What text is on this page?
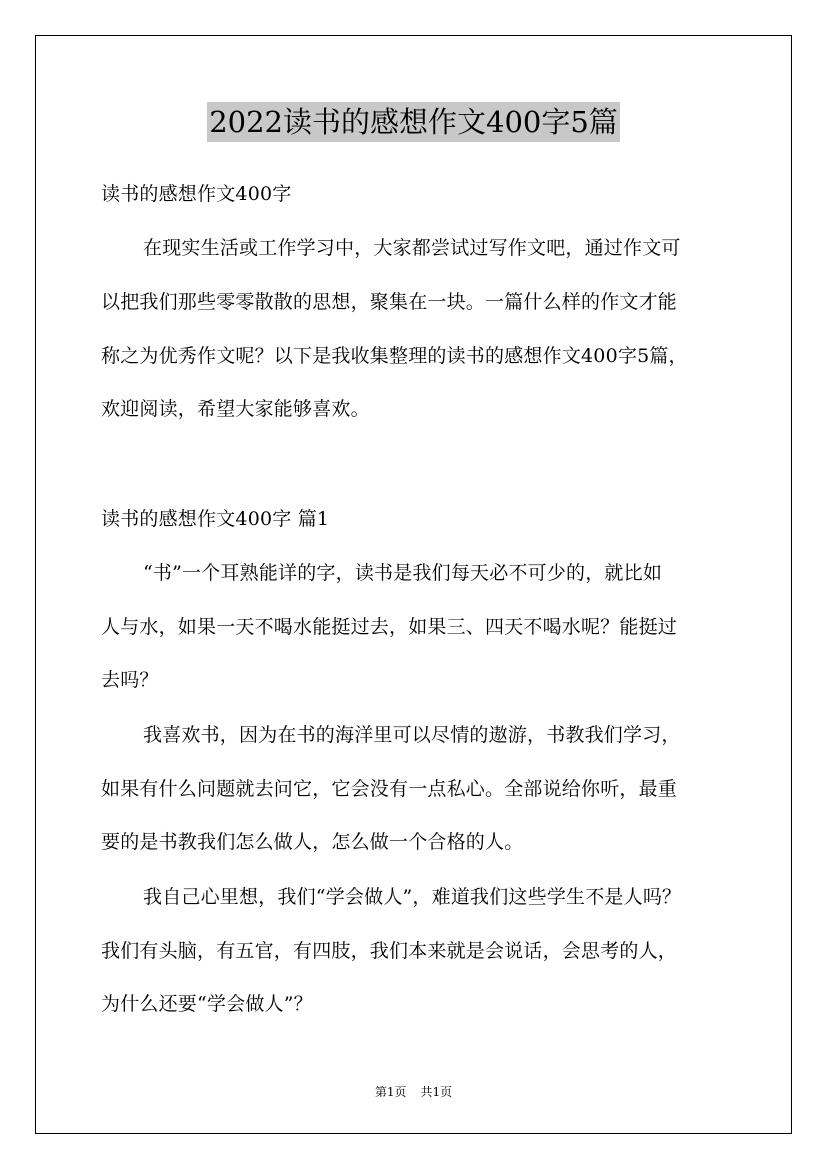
2022读书的感想作文400字5篇
读书的感想作文400字
在现实生活或工作学习中，大家都尝试过写作文吧，通过作文可
以把我们那些零零散散的思想，聚集在一块。一篇什么样的作文才能
称之为优秀作文呢？以下是我收集整理的读书的感想作文400字5篇，
欢迎阅读，希望大家能够喜欢。
读书的感想作文400字 篇1
“书”一个耳熟能详的字，读书是我们每天必不可少的，就比如
人与水，如果一天不喝水能挺过去，如果三、四天不喝水呢？能挺过
去吗？
我喜欢书，因为在书的海洋里可以尽情的遨游，书教我们学习，
如果有什么问题就去问它，它会没有一点私心。全部说给你听，最重
要的是书教我们怎么做人，怎么做一个合格的人。
我自己心里想，我们“学会做人”，难道我们这些学生不是人吗？
我们有头脑，有五官，有四肢，我们本来就是会说话，会思考的人，
为什么还要“学会做人”？
第1页 共1页
